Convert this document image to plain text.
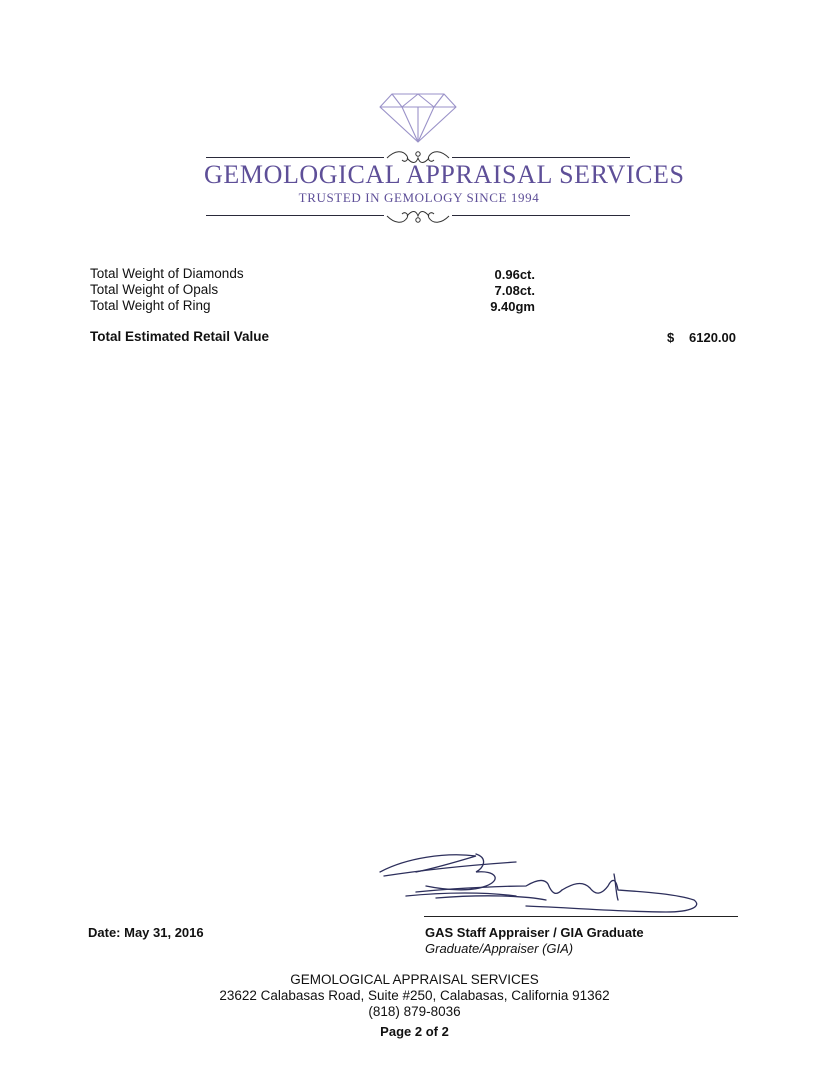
GEMOLOGICAL APPRAISAL SERVICES
TRUSTED IN GEMOLOGY SINCE 1994
Total Weight of Diamonds	0.96ct.
Total Weight of Opals	7.08ct.
Total Weight of Ring	9.40gm
Total Estimated Retail Value	$ 6120.00
Date: May 31, 2016	GAS Staff Appraiser / GIA Graduate
Graduate/Appraiser (GIA)
GEMOLOGICAL APPRAISAL SERVICES
23622 Calabasas Road, Suite #250, Calabasas, California 91362
(818) 879-8036
Page 2 of 2
